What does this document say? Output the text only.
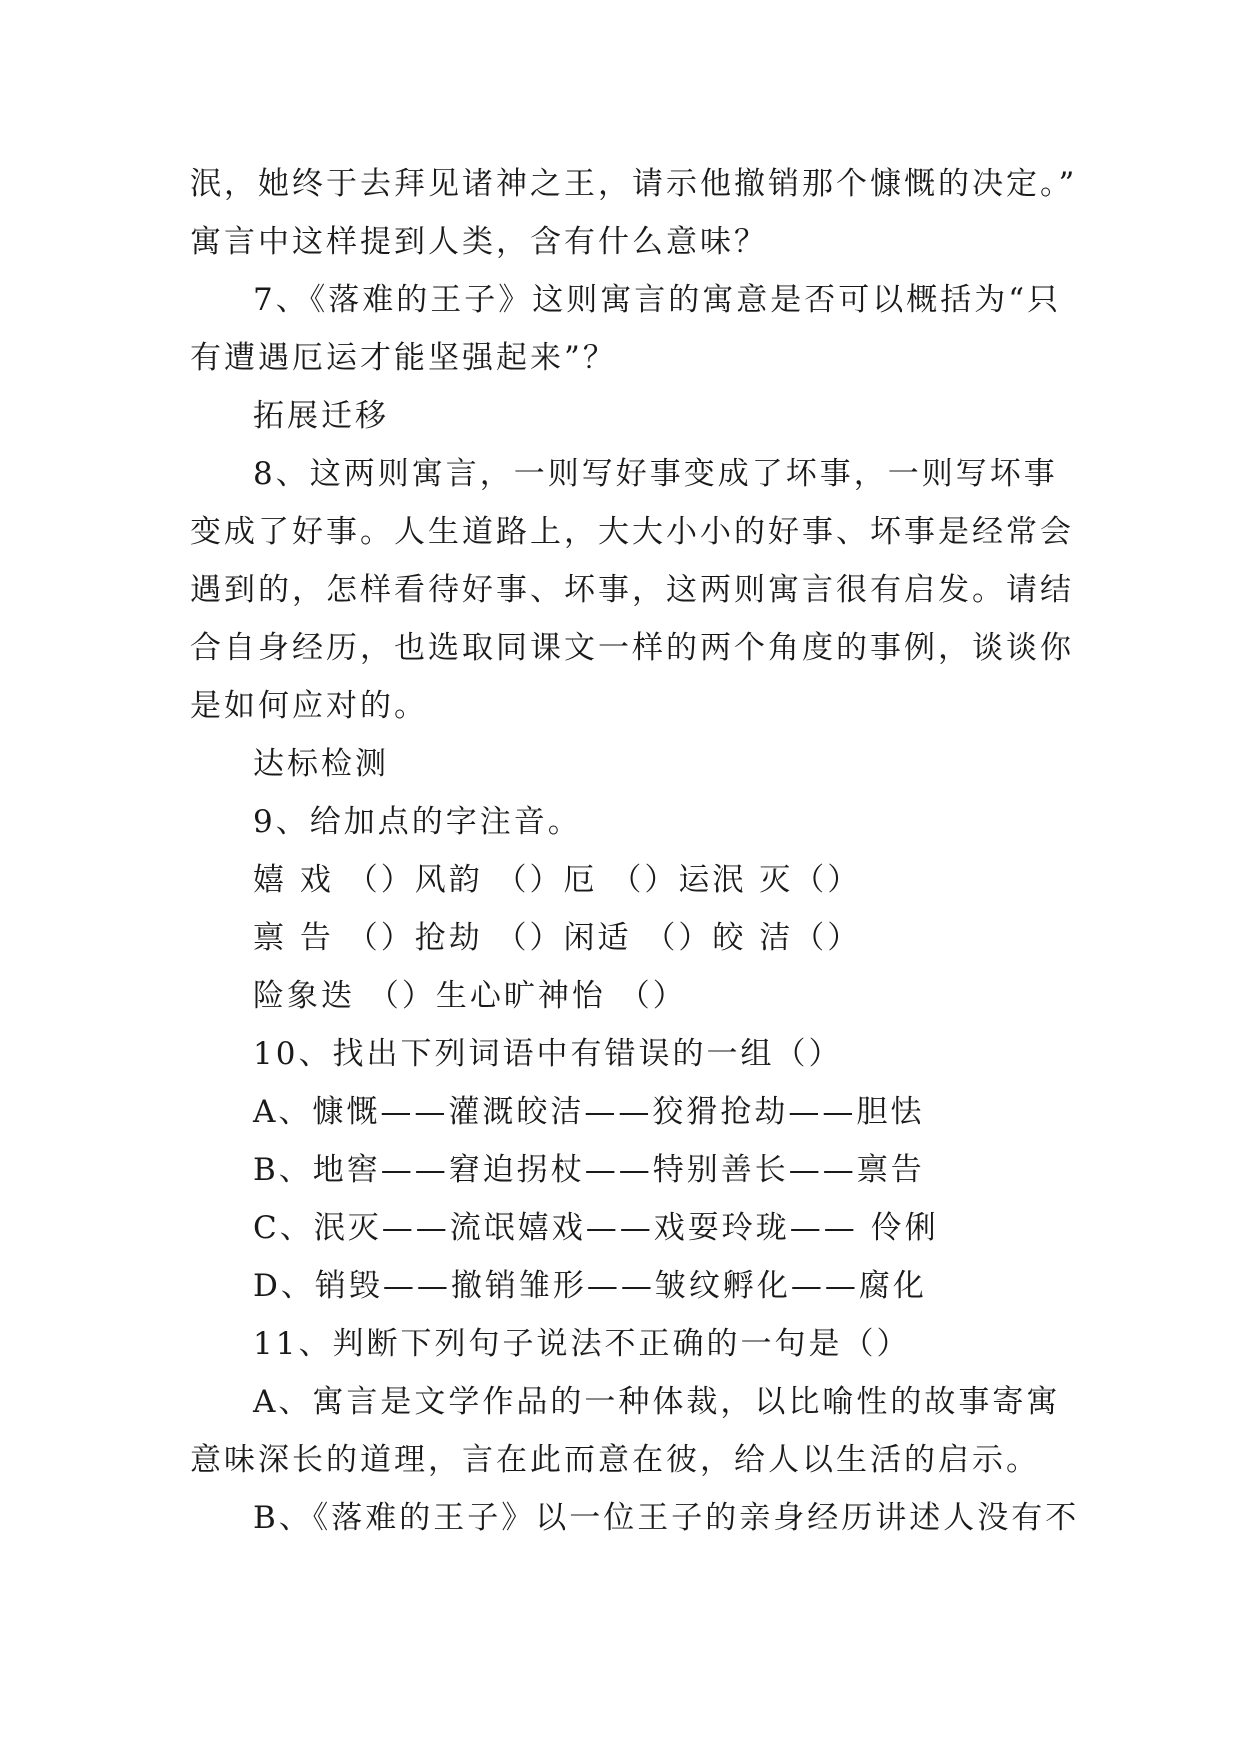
泯，她终于去拜见诸神之王，请示他撤销那个慷慨的决定。”
寓言中这样提到人类，含有什么意味？
7、《落难的王子》这则寓言的寓意是否可以概括为“只
有遭遇厄运才能坚强起来”？
拓展迁移
8、这两则寓言，一则写好事变成了坏事，一则写坏事
变成了好事。人生道路上，大大小小的好事、坏事是经常会
遇到的，怎样看待好事、坏事，这两则寓言很有启发。请结
合自身经历，也选取同课文一样的两个角度的事例，谈谈你
是如何应对的。
达标检测
9、给加点的字注音。
嬉 戏 （）风韵 （）厄 （）运泯 灭（）
禀 告 （）抢劫 （）闲适 （）皎 洁（）
险象迭 （）生心旷神怡 （）
10、找出下列词语中有错误的一组（）
A、慷慨——灌溉皎洁——狡猾抢劫——胆怯
B、地窖——窘迫拐杖——特别善长——禀告
C、泯灭——流氓嬉戏——戏耍玲珑—— 伶俐
D、销毁——撤销雏形——皱纹孵化——腐化
11、判断下列句子说法不正确的一句是（）
A、寓言是文学作品的一种体裁，以比喻性的故事寄寓
意味深长的道理，言在此而意在彼，给人以生活的启示。
B、《落难的王子》以一位王子的亲身经历讲述人没有不
